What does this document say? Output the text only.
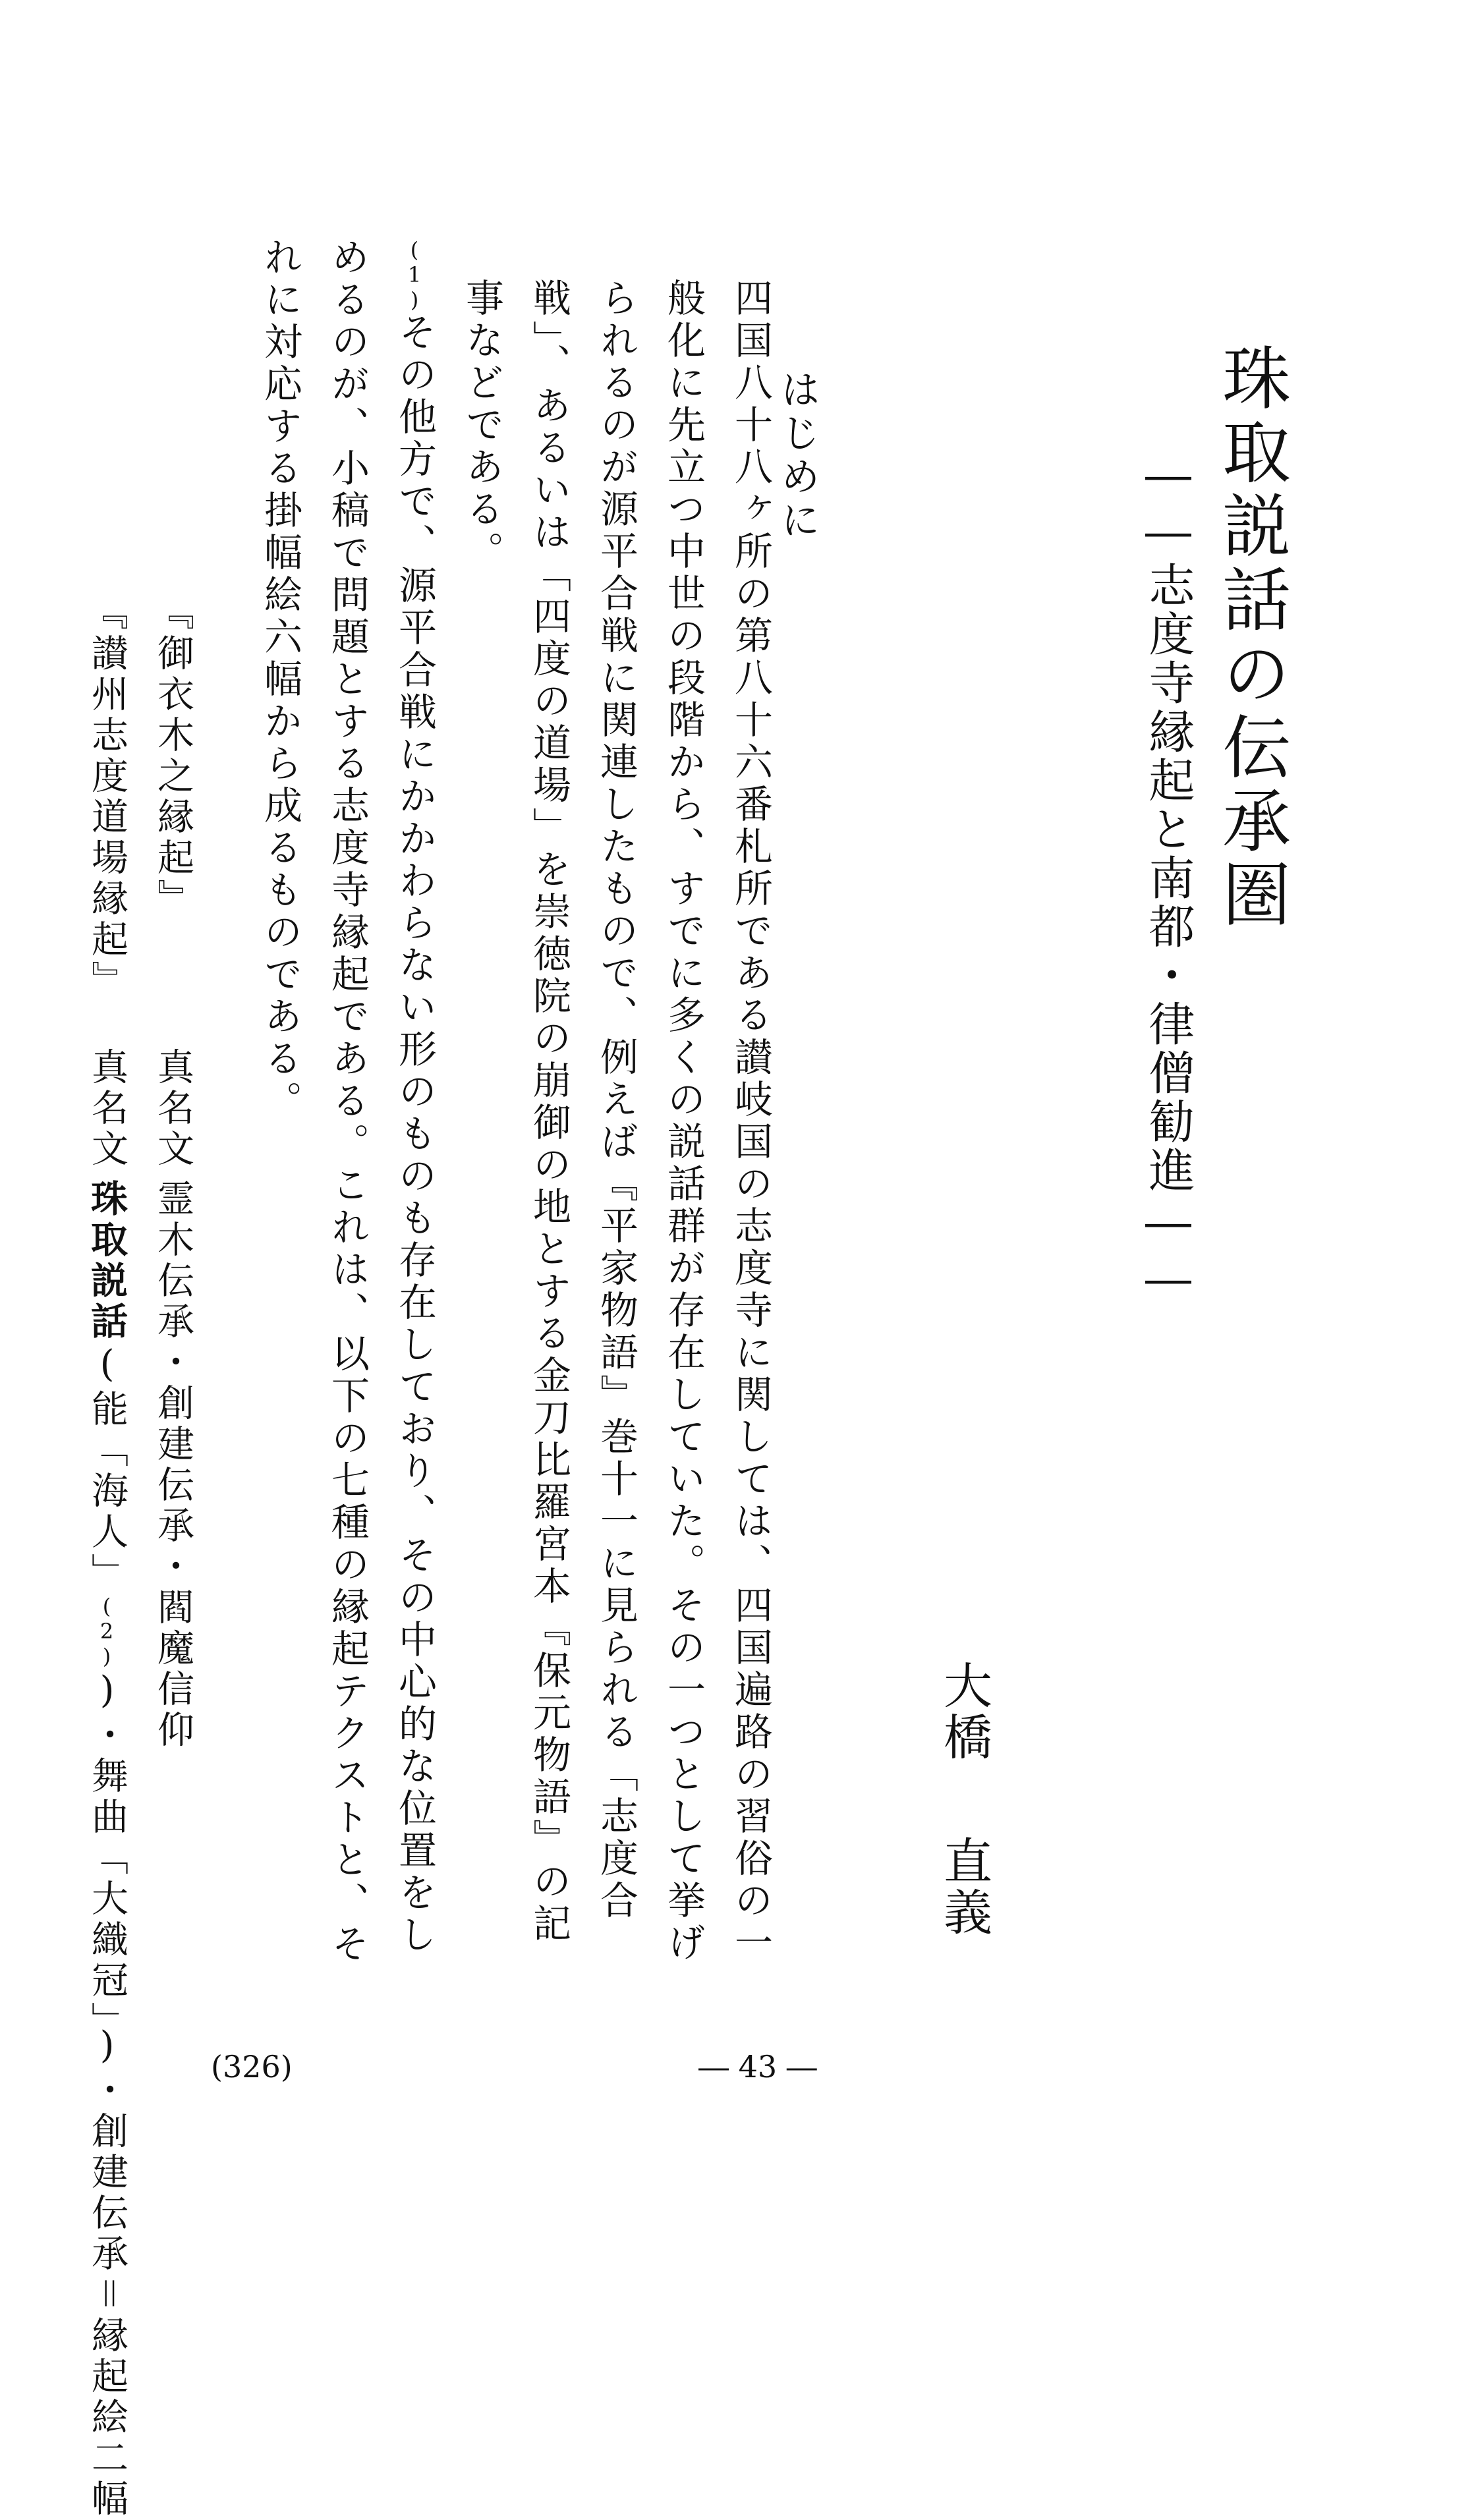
珠取説話の伝承圏
――志度寺縁起と南都・律僧勧進――
大橋直義
はじめに

四国八十八ヶ所の第八十六番札所である讃岐国の志度寺に関しては、四国遍路の習俗の一般化に先立つ中世の段階から、すでに多くの説話群が存在していた。その一つとして挙げられるのが源平合戦に関連したもので、例えば『平家物語』巻十一に見られる「志度合戦」、あるいは「四度の道場」を崇徳院の崩御の地とする金刀比羅宮本『保元物語』の記事などである。
(1)その他方で、源平合戦にかかわらない形のものも存在しており、その中心的な位置をしめるのが、小稿で問題とする志度寺縁起である。これは、以下の七種の縁起テクストと、それに対応する掛幅絵六幅から成るものである。

『御衣木之縁起』
真名文
霊木伝承・創建伝承・閻魔信仰
『讃州志度道場縁起』
真名文
珠取説話(能「海人」(2))・舞曲「大織冠」)・創建伝承＝縁起絵二幅	(326)	― 43 ―
